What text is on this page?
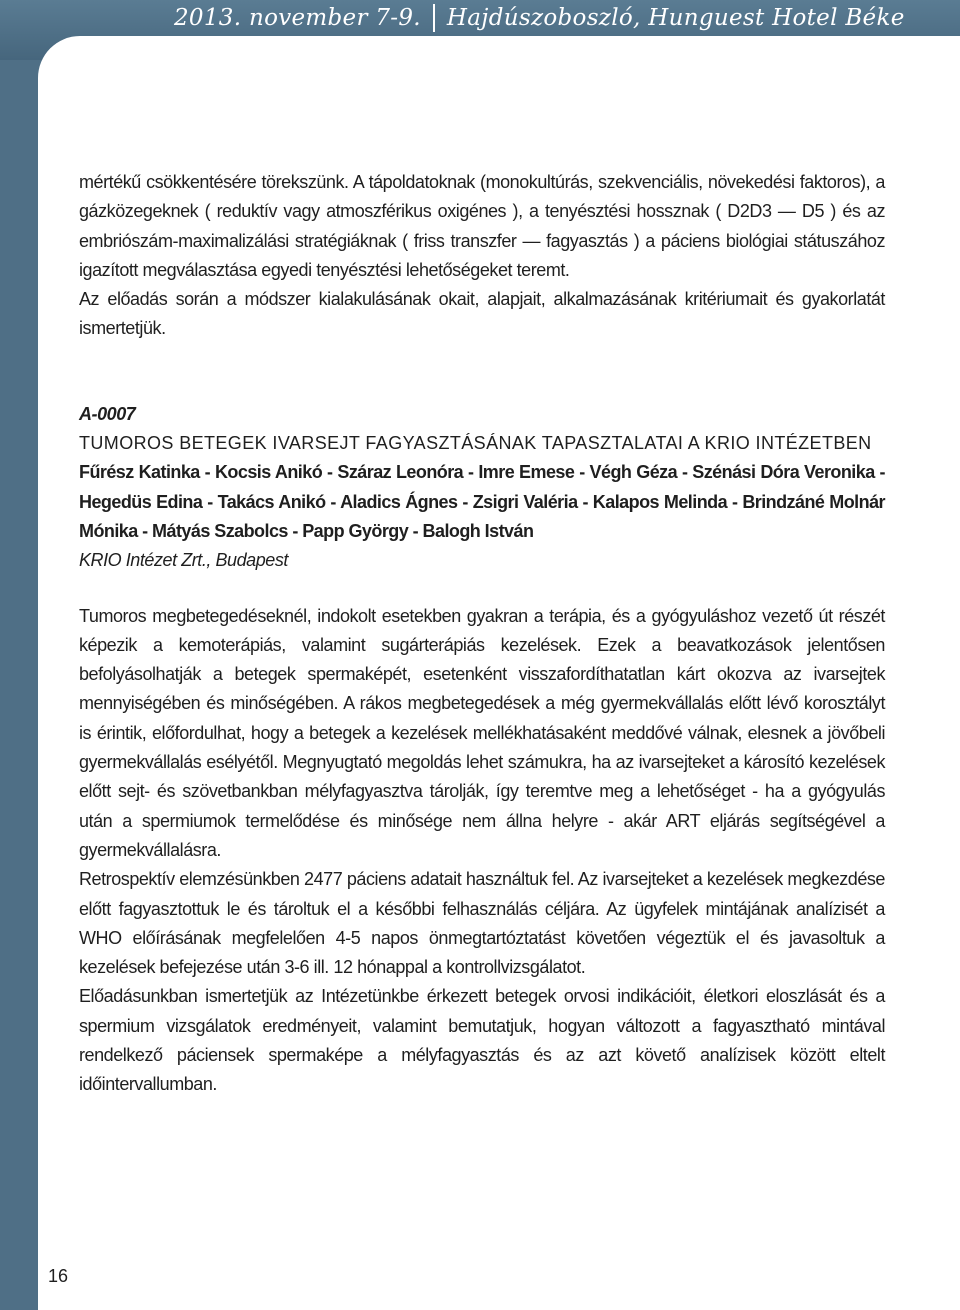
2013. november 7-9. Hajdúszoboszló, Hunguest Hotel Béke

mértékű csökkentésére törekszünk. A tápoldatoknak (monokultúrás, szekvenciális, növekedési faktoros), a gázközegeknek ( reduktív vagy atmoszférikus oxigénes ), a tenyésztési hossznak ( D2D3 — D5 ) és az embriószám-maximalizálási stratégiáknak ( friss transzfer — fagyasztás ) a páciens biológiai státuszához igazított megválasztása egyedi tenyésztési lehetőségeket teremt.

Az előadás során a módszer kialakulásának okait, alapjait, alkalmazásának kritériumait és gyakorlatát ismertetjük.

A-0007

TUMOROS BETEGEK IVARSEJT FAGYASZTÁSÁNAK TAPASZTALATAI A KRIO INTÉZETBEN

Fűrész Katinka - Kocsis Anikó - Száraz Leonóra - Imre Emese - Végh Géza - Szénási Dóra Veronika - Hegedüs Edina - Takács Anikó - Aladics Ágnes - Zsigri Valéria - Kalapos Melinda - Brindzáné Molnár Mónika - Mátyás Szabolcs - Papp György - Balogh István

KRIO Intézet Zrt., Budapest

Tumoros megbetegedéseknél, indokolt esetekben gyakran a terápia, és a gyógyuláshoz vezető út részét képezik a kemoterápiás, valamint sugárterápiás kezelések. Ezek a beavatkozások jelentősen befolyásolhatják a betegek spermaképét, esetenként visszafordíthatatlan kárt okozva az ivarsejtek mennyiségében és minőségében. A rákos megbetegedések a még gyermekvállalás előtt lévő korosztályt is érintik, előfordulhat, hogy a betegek a kezelések mellékhatásaként meddővé válnak, elesnek a jövőbeli gyermekvállalás esélyétől. Megnyugtató megoldás lehet számukra, ha az ivarsejteket a károsító kezelések előtt sejt- és szövetbankban mélyfagyasztva tárolják, így teremtve meg a lehetőséget - ha a gyógyulás után a spermiumok termelődése és minősége nem állna helyre - akár ART eljárás segítségével a gyermekvállalásra.

Retrospektív elemzésünkben 2477 páciens adatait használtuk fel. Az ivarsejteket a kezelések megkezdése előtt fagyasztottuk le és tároltuk el a későbbi felhasználás céljára. Az ügyfelek mintájának analízisét a WHO előírásának megfelelően 4-5 napos önmegtartóztatást követően végeztük el és javasoltuk a kezelések befejezése után 3-6 ill. 12 hónappal a kontrollvizsgálatot.

Előadásunkban ismertetjük az Intézetünkbe érkezett betegek orvosi indikációit, életkori eloszlását és a spermium vizsgálatok eredményeit, valamint bemutatjuk, hogyan változott a fagyasztható mintával rendelkező páciensek spermaképe a mélyfagyasztás és az azt követő analízisek között eltelt időintervallumban.

16
